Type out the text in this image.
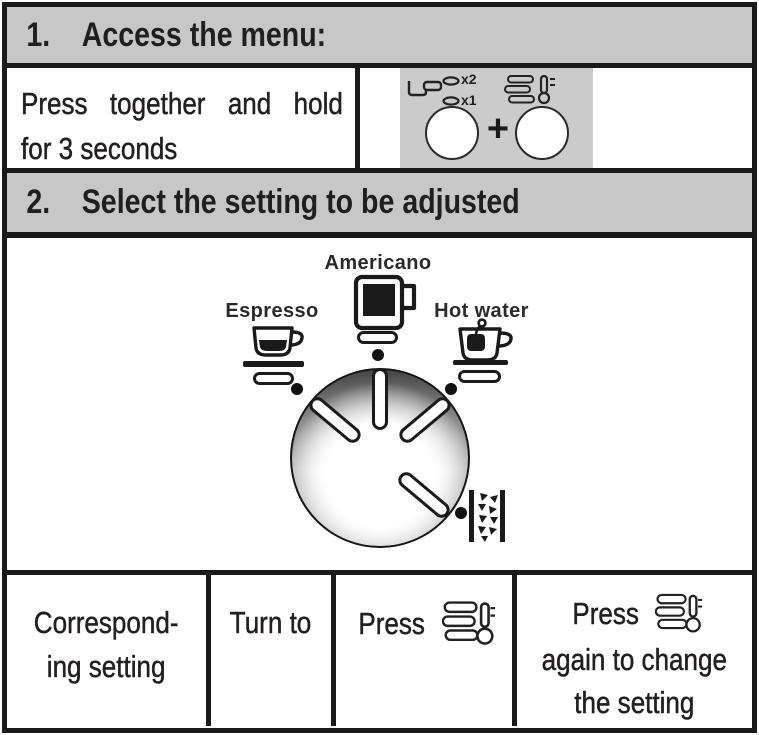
1. Access the menu:
Press together and hold
for 3 seconds
x2
x1
+
2. Select the setting to be adjusted
Espresso
Americano
Hot water
Correspond-
ing setting
Turn to Press	Press
again to change
the setting
